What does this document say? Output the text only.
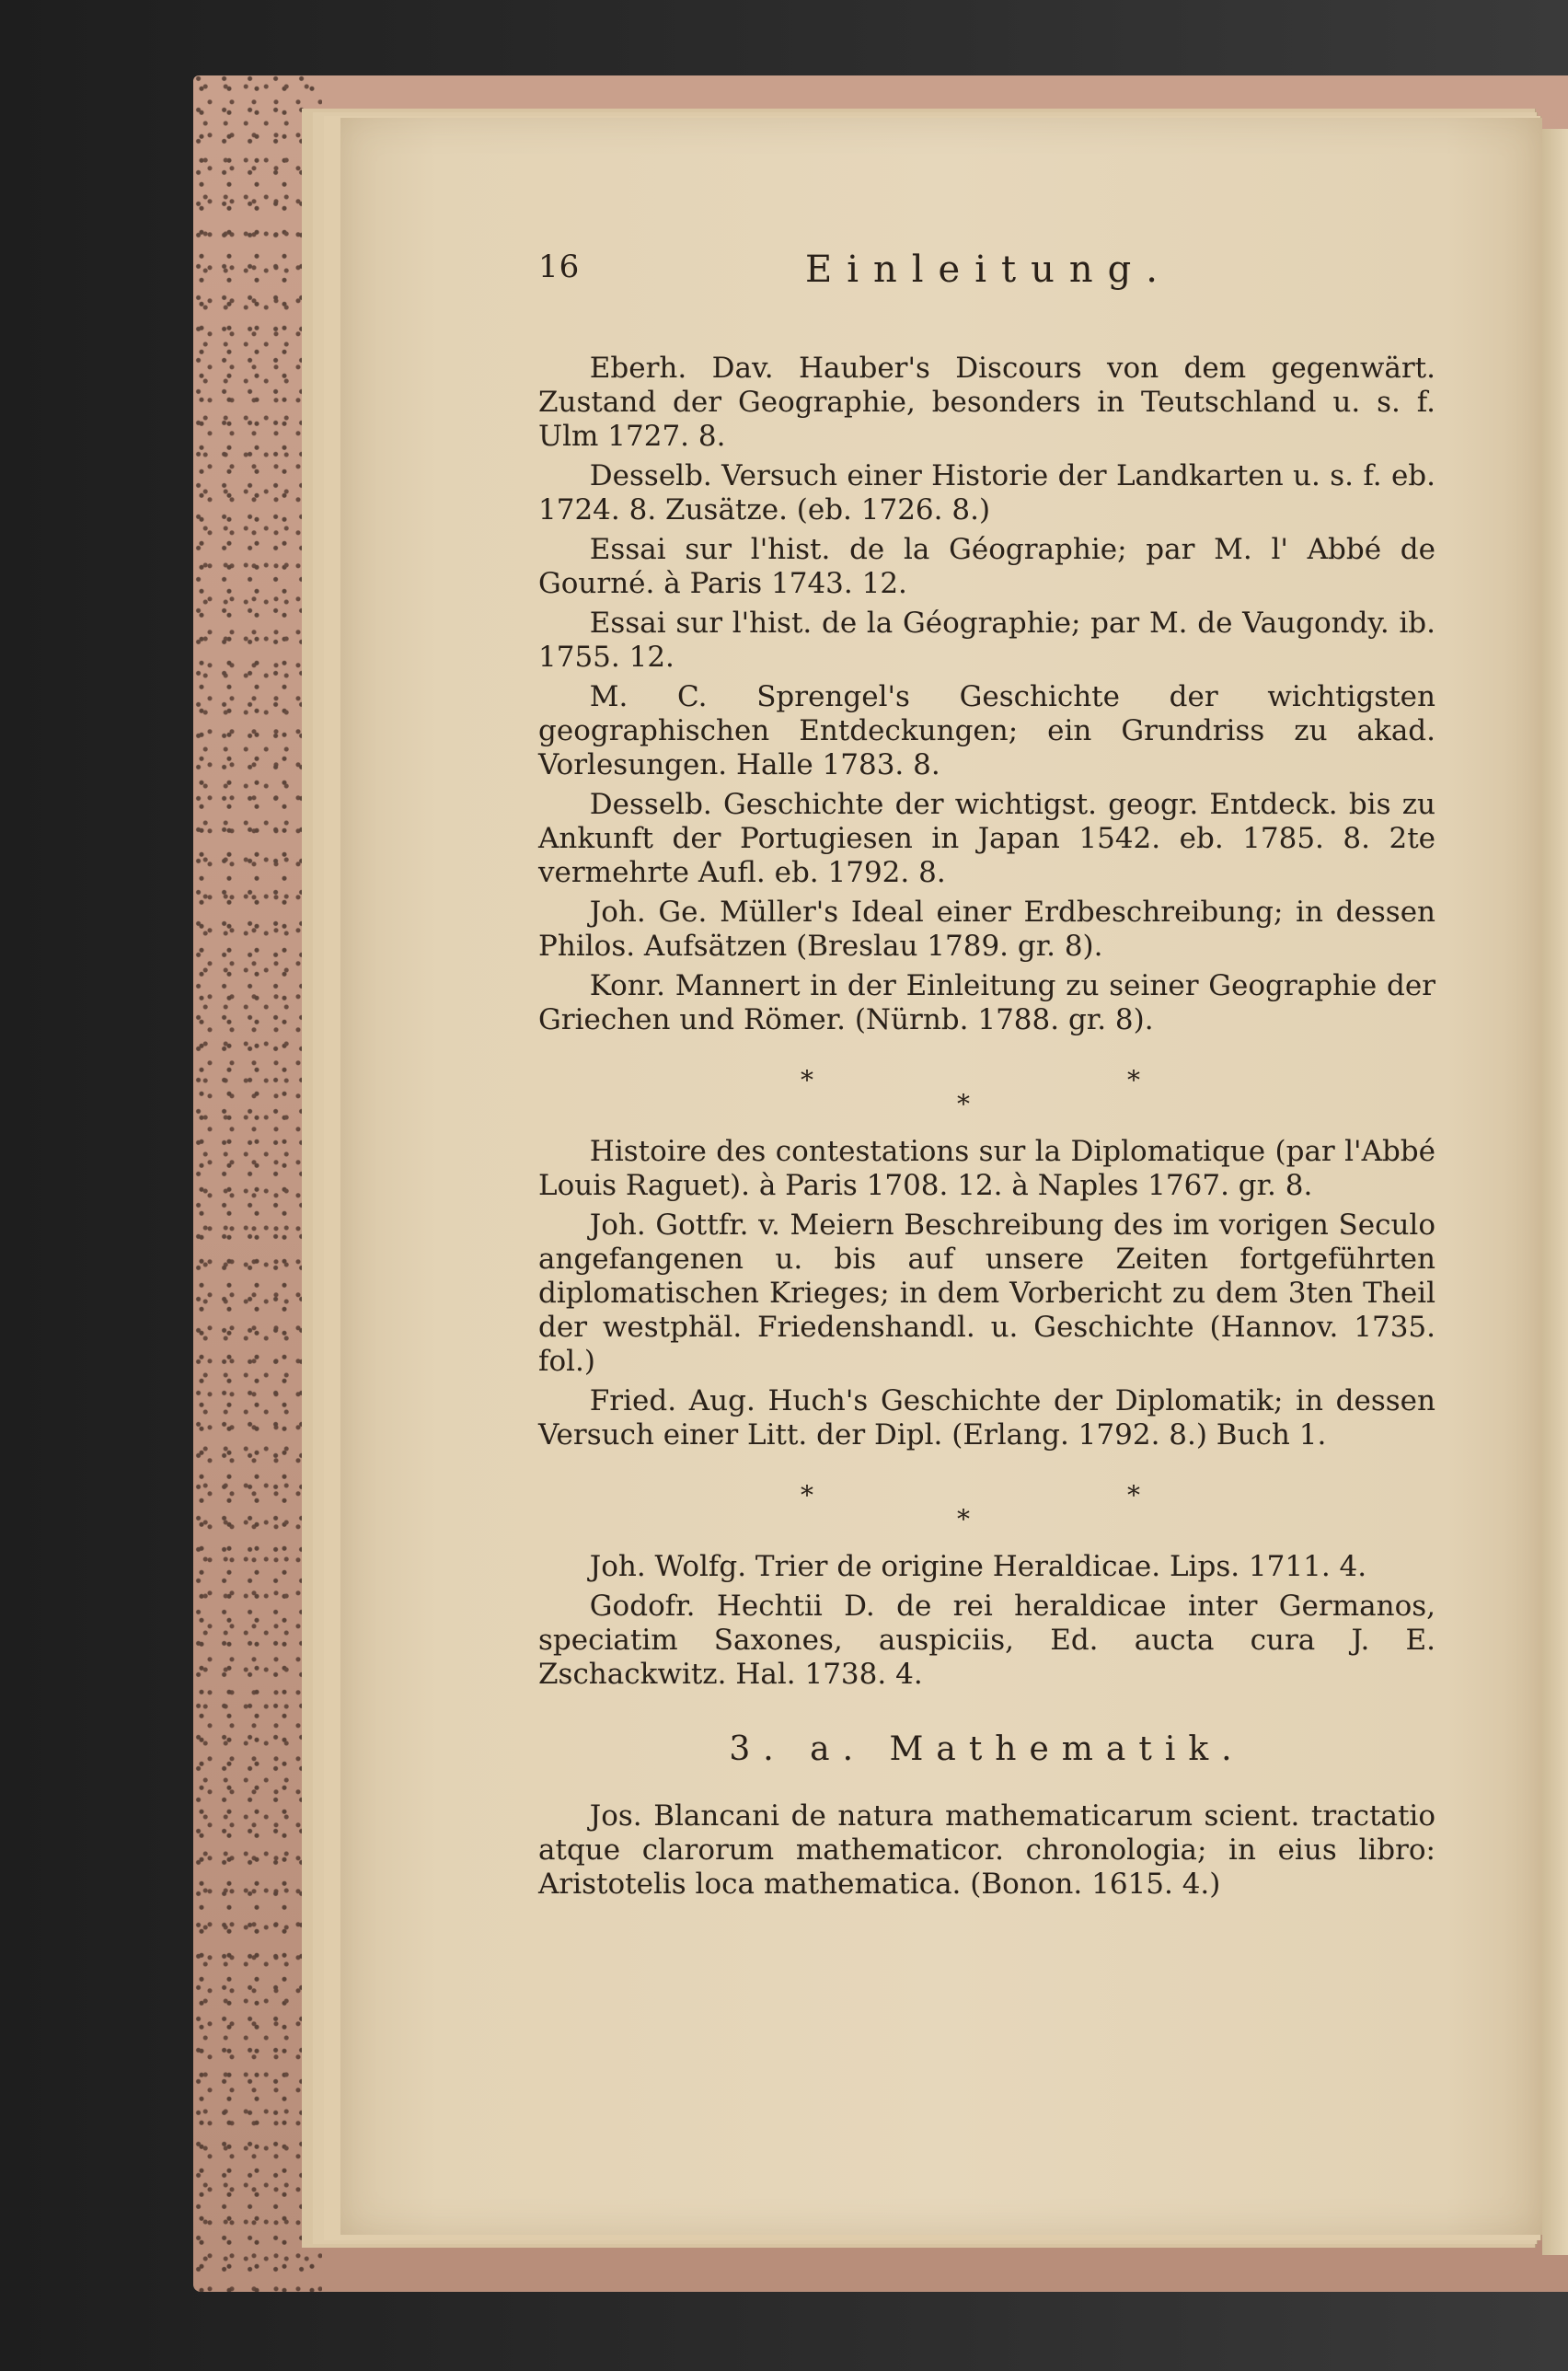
16	Einleitung.

Eberh. Dav. Hauber's Discours von dem gegenwärt. Zustand der Geographie, besonders in Teutschland u. s. f. Ulm 1727. 8.

Desselb. Versuch einer Historie der Landkarten u. s. f. eb. 1724. 8. Zusätze. (eb. 1726. 8.)

Essai sur l'hist. de la Géographie; par M. l' Abbé de Gourné. à Paris 1743. 12.

Essai sur l'hist. de la Géographie; par M. de Vaugondy. ib. 1755. 12.

M. C. Sprengel's Geschichte der wichtigsten geographischen Entdeckungen; ein Grundriss zu akad. Vorlesungen. Halle 1783. 8.

Desselb. Geschichte der wichtigst. geogr. Entdeck. bis zu Ankunft der Portugiesen in Japan 1542. eb. 1785. 8. 2te vermehrte Aufl. eb. 1792. 8.

Joh. Ge. Müller's Ideal einer Erdbeschreibung; in dessen Philos. Aufsätzen (Breslau 1789. gr. 8).

Konr. Mannert in der Einleitung zu seiner Geographie der Griechen und Römer. (Nürnb. 1788. gr. 8).

*
*
*

Histoire des contestations sur la Diplomatique (par l'Abbé Louis Raguet). à Paris 1708. 12. à Naples 1767. gr. 8.

Joh. Gottfr. v. Meiern Beschreibung des im vorigen Seculo angefangenen u. bis auf unsere Zeiten fortgeführten diplomatischen Krieges; in dem Vorbericht zu dem 3ten Theil der westphäl. Friedenshandl. u. Geschichte (Hannov. 1735. fol.)

Fried. Aug. Huch's Geschichte der Diplomatik; in dessen Versuch einer Litt. der Dipl. (Erlang. 1792. 8.) Buch 1.

*
*
*

Joh. Wolfg. Trier de origine Heraldicae. Lips. 1711. 4.

Godofr. Hechtii D. de rei heraldicae inter Germanos, speciatim Saxones, auspiciis, Ed. aucta cura J. E. Zschackwitz. Hal. 1738. 4.

3. a. Mathematik.

Jos. Blancani de natura mathematicarum scient. tractatio atque clarorum mathematicor. chronologia; in eius libro: Aristotelis loca mathematica. (Bonon. 1615. 4.)
